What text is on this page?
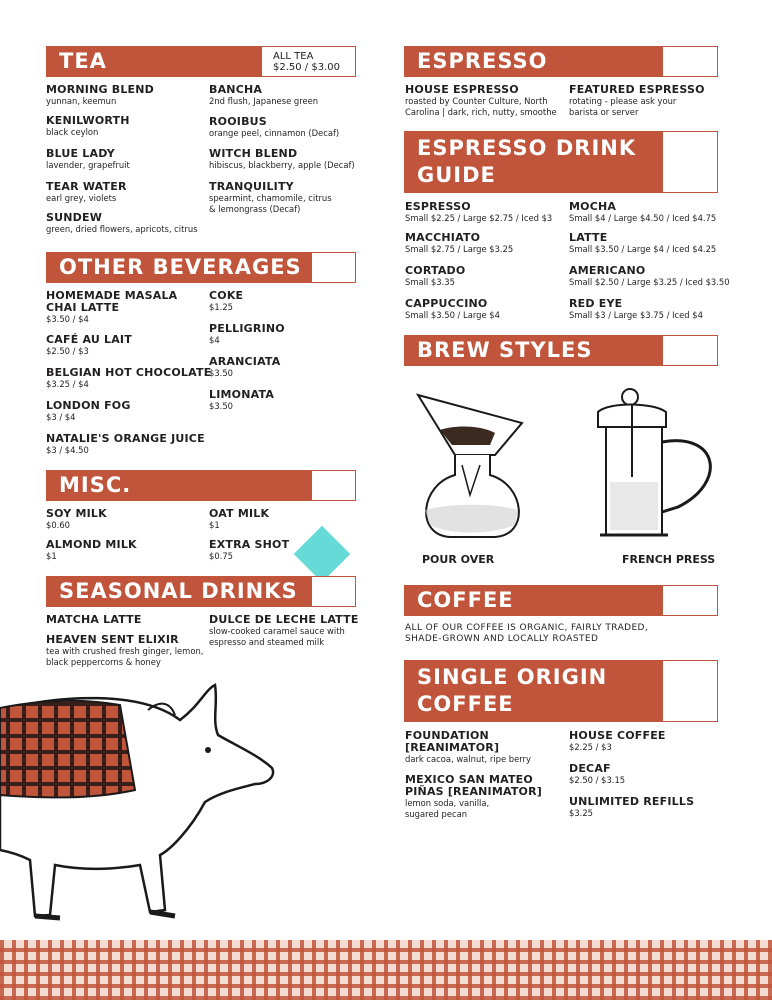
TEA	ALL TEA
$2.50 / $3.00
MORNING BLEND
yunnan, keemun
KENILWORTH
black ceylon
BLUE LADY
lavender, grapefruit
TEAR WATER
earl grey, violets
SUNDEW
green, dried flowers, apricots, citrus
BANCHA
2nd flush, Japanese green
ROOIBUS
orange peel, cinnamon (Decaf)
WITCH BLEND
hibiscus, blackberry, apple (Decaf)
TRANQUILITY
spearmint, chamomile, citrus
& lemongrass (Decaf)
OTHER BEVERAGES
HOMEMADE MASALA
CHAI LATTE
$3.50 / $4
CAFÉ AU LAIT
$2.50 / $3
BELGIAN HOT CHOCOLATE
$3.25 / $4
LONDON FOG
$3 / $4
NATALIE'S ORANGE JUICE
$3 / $4.50
COKE
$1.25
PELLIGRINO
$4
ARANCIATA
$3.50
LIMONATA
$3.50
MISC.
SOY MILK
$0.60
OAT MILK
$1
ALMOND MILK
$1
EXTRA SHOT
$0.75
SEASONAL DRINKS
MATCHA LATTE
HEAVEN SENT ELIXIR
tea with crushed fresh ginger, lemon,
black peppercorns & honey
DULCE DE LECHE LATTE
slow-cooked caramel sauce with
espresso and steamed milk
ESPRESSO
HOUSE ESPRESSO
roasted by Counter Culture, North
Carolina | dark, rich, nutty, smoothe
FEATURED ESPRESSO
rotating - please ask your
barista or server
ESPRESSO DRINK GUIDE
ESPRESSO
Small $2.25 / Large $2.75 / Iced $3
MACCHIATO
Small $2.75 / Large $3.25
CORTADO
Small $3.35
CAPPUCCINO
Small $3.50 / Large $4
MOCHA
Small $4 / Large $4.50 / Iced $4.75
LATTE
Small $3.50 / Large $4 / Iced $4.25
AMERICANO
Small $2.50 / Large $3.25 / Iced $3.50
RED EYE
Small $3 / Large $3.75 / Iced $4
BREW STYLES
POUR OVER	FRENCH PRESS
COFFEE
ALL OF OUR COFFEE IS ORGANIC, FAIRLY TRADED,
SHADE-GROWN AND LOCALLY ROASTED
SINGLE ORIGIN COFFEE
FOUNDATION
[REANIMATOR]
dark cacoa, walnut, ripe berry
MEXICO SAN MATEO
PIÑAS [REANIMATOR]
lemon soda, vanilla,
sugared pecan
HOUSE COFFEE
$2.25 / $3
DECAF
$2.50 / $3.15
UNLIMITED REFILLS
$3.25
